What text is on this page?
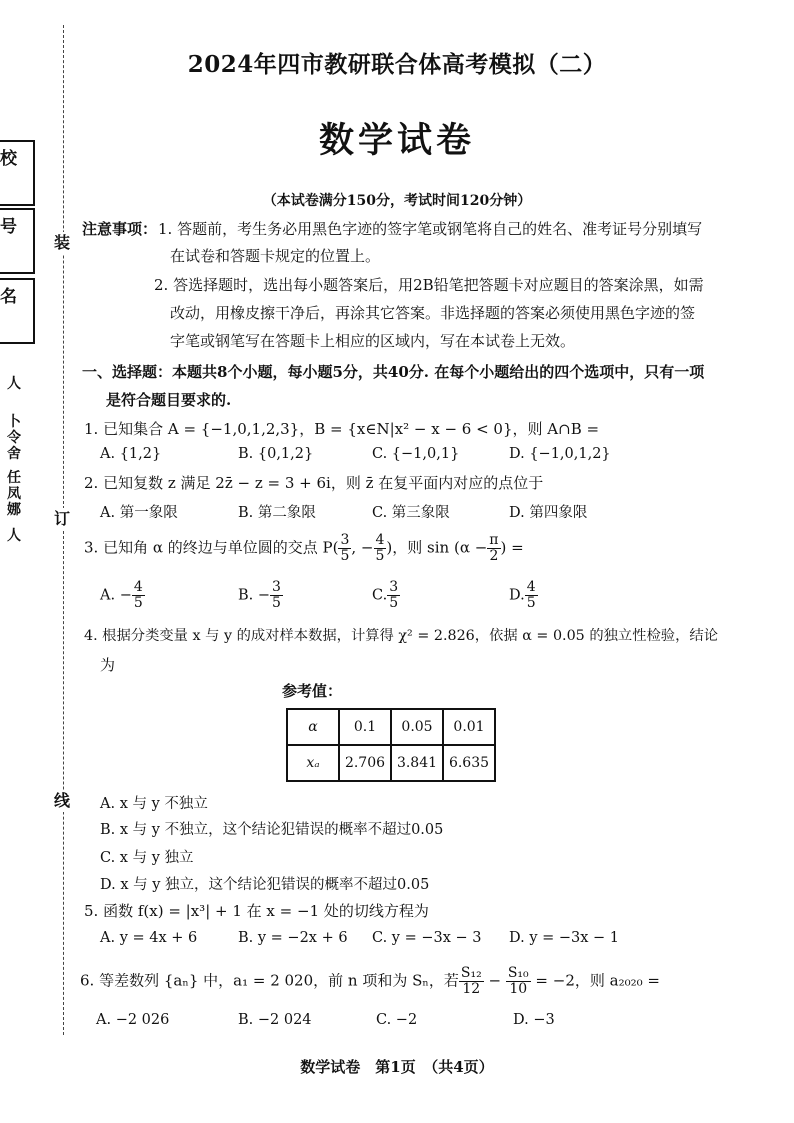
装
订
线
校
号
名
人
卜
令
舍
任
凤
娜
人
2024年四市教研联合体高考模拟（二）
数学试卷
（本试卷满分150分，考试时间120分钟）
注意事项： 1. 答题前，考生务必用黑色字迹的签字笔或钢笔将自己的姓名、准考证号分别填写
在试卷和答题卡规定的位置上。
2. 答选择题时，选出每小题答案后，用2B铅笔把答题卡对应题目的答案涂黑，如需
改动，用橡皮擦干净后，再涂其它答案。非选择题的答案必须使用黑色字迹的签
字笔或钢笔写在答题卡上相应的区域内，写在本试卷上无效。
一、选择题：本题共8个小题，每小题5分，共40分. 在每个小题给出的四个选项中，只有一项
是符合题目要求的.
1. 已知集合 A = {−1,0,1,2,3}，B = {x∈N|x² − x − 6 < 0}，则 A∩B =
A. {1,2}	B. {0,1,2}	C. {−1,0,1}	D. {−1,0,1,2}
2. 已知复数 z 满足 2z̄ − z = 3 + 6i，则 z̄ 在复平面内对应的点位于
A. 第一象限	B. 第二象限	C. 第三象限	D. 第四象限
3. 已知角 α 的终边与单位圆的交点 $P( \frac{3}{5}$ , − $\frac{4}{5}$ )，则 $\sin (\alpha - \frac{\pi}{2}$ ) =
A. − $\frac{4}{5}$	B. − $\frac{3}{5}$	C. $\frac{3}{5}$	D. $\frac{4}{5}$
4. 根据分类变量 x 与 y 的成对样本数据，计算得 χ² = 2.826，依据 α = 0.05 的独立性检验，结论
为
参考值：
α	0.1	0.05	0.01
xₐ	2.706	3.841	6.635
A. x 与 y 不独立
B. x 与 y 不独立，这个结论犯错误的概率不超过0.05
C. x 与 y 独立
D. x 与 y 独立，这个结论犯错误的概率不超过0.05
5. 函数 f(x) = |x³| + 1 在 x = −1 处的切线方程为
A. y = 4x + 6	B. y = −2x + 6 C. y = −3x − 3 D. y = −3x − 1
6. 等差数列 {aₙ} 中，a₁ = 2 020，前 n 项和为 Sₙ，若 $\frac{\text{S₁₂}}{12} - \frac{\text{S₁₀}}{10} = -2$，则 a₂₀₂₀ =
A. −2 026	B. −2 024	C. −2	D. −3
数学试卷　第1页　（共4页）
